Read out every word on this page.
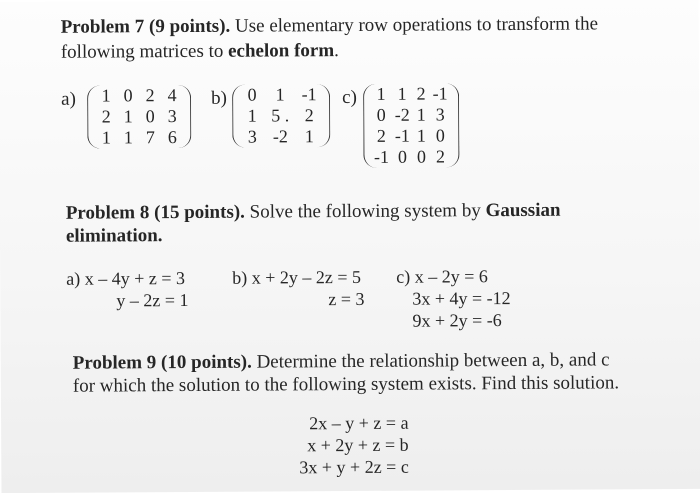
Problem 7 (9 points). Use elementary row operations to transform the
following matrices to echelon form.
a) 1	0	2	4
2	1	0	3
1	1	7	6
b) 0	1	-1
1	5 .	2
3	-2	1
c) 1	1	2	-1
0	-2	1	3
2	-1	1	0
-1	0	0	2
Problem 8 (15 points). Solve the following system by Gaussian
elimination.
a) x – 4y + z = 3
y – 2z = 1
b) x + 2y – 2z = 5
z = 3
c) x – 2y = 6
3x + 4y = -12
9x + 2y = -6
Problem 9 (10 points). Determine the relationship between a, b, and c
for which the solution to the following system exists. Find this solution.
2x – y + z = a
x + 2y + z = b
3x + y + 2z = c
